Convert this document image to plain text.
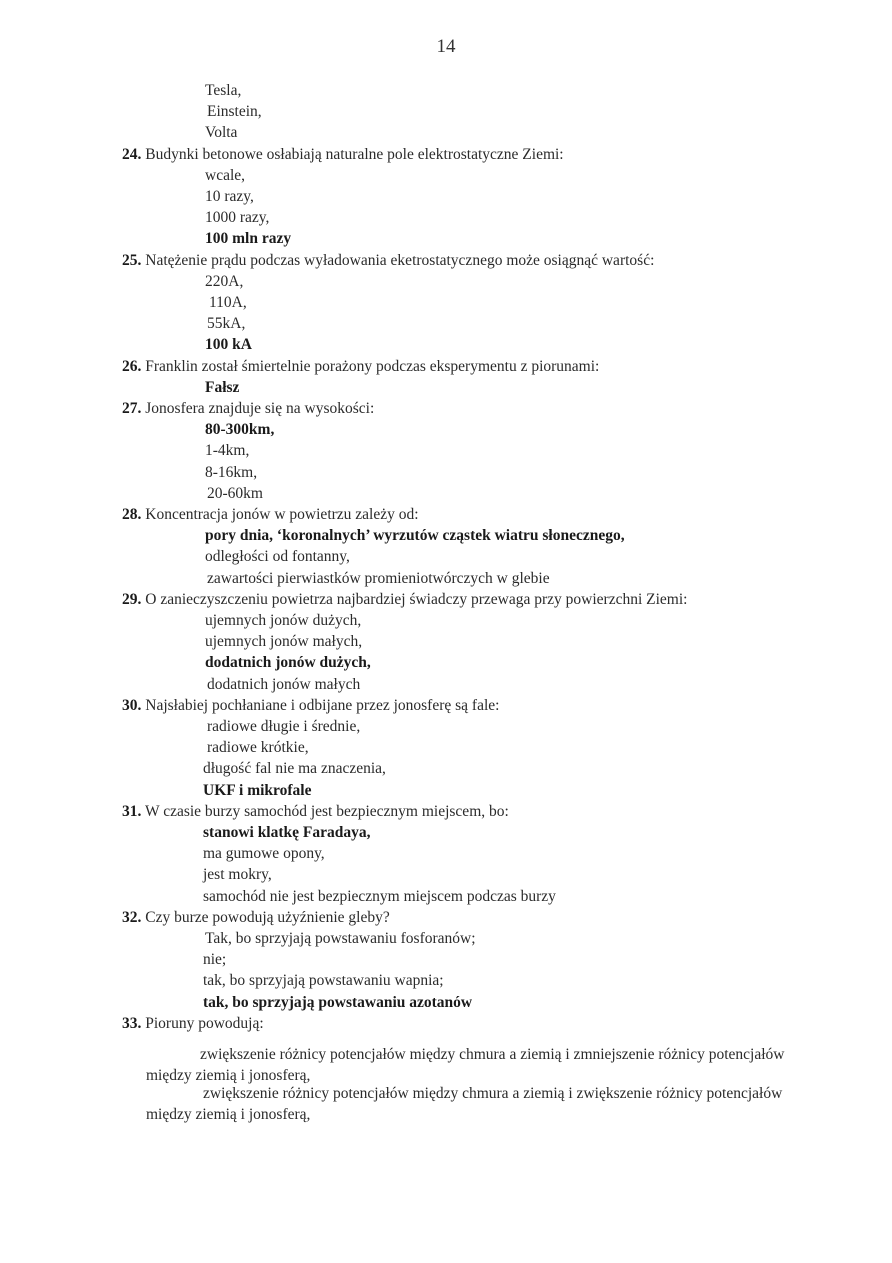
14
Tesla,
Einstein,
Volta
24. Budynki betonowe osłabiają naturalne pole elektrostatyczne Ziemi:
wcale,
10 razy,
1000 razy,
100 mln razy
25. Natężenie prądu podczas wyładowania eketrostatycznego może osiągnąć wartość:
220A,
110A,
55kA,
100 kA
26. Franklin został śmiertelnie porażony podczas eksperymentu z piorunami:
Fałsz
27. Jonosfera znajduje się na wysokości:
80-300km,
1-4km,
8-16km,
20-60km
28. Koncentracja jonów w powietrzu zależy od:
pory dnia, ‘koronalnych’ wyrzutów cząstek wiatru słonecznego,
odległości od fontanny,
zawartości pierwiastków promieniotwórczych w glebie
29. O zanieczyszczeniu powietrza najbardziej świadczy przewaga przy powierzchni Ziemi:
ujemnych jonów dużych,
ujemnych jonów małych,
dodatnich jonów dużych,
dodatnich jonów małych
30. Najsłabiej pochłaniane i odbijane przez jonosferę są fale:
radiowe długie i średnie,
radiowe krótkie,
długość fal nie ma znaczenia,
UKF i mikrofale
31. W czasie burzy samochód jest bezpiecznym miejscem, bo:
stanowi klatkę Faradaya,
ma gumowe opony,
jest mokry,
samochód nie jest bezpiecznym miejscem podczas burzy
32. Czy burze powodują użyźnienie gleby?
Tak, bo sprzyjają powstawaniu fosforanów;
nie;
tak, bo sprzyjają powstawaniu wapnia;
tak, bo sprzyjają powstawaniu azotanów
33. Pioruny powodują:
zwiększenie różnicy potencjałów między chmura a ziemią i zmniejszenie różnicy potencjałów
między ziemią i jonosferą,
zwiększenie różnicy potencjałów między chmura a ziemią i zwiększenie różnicy potencjałów
między ziemią i jonosferą,
